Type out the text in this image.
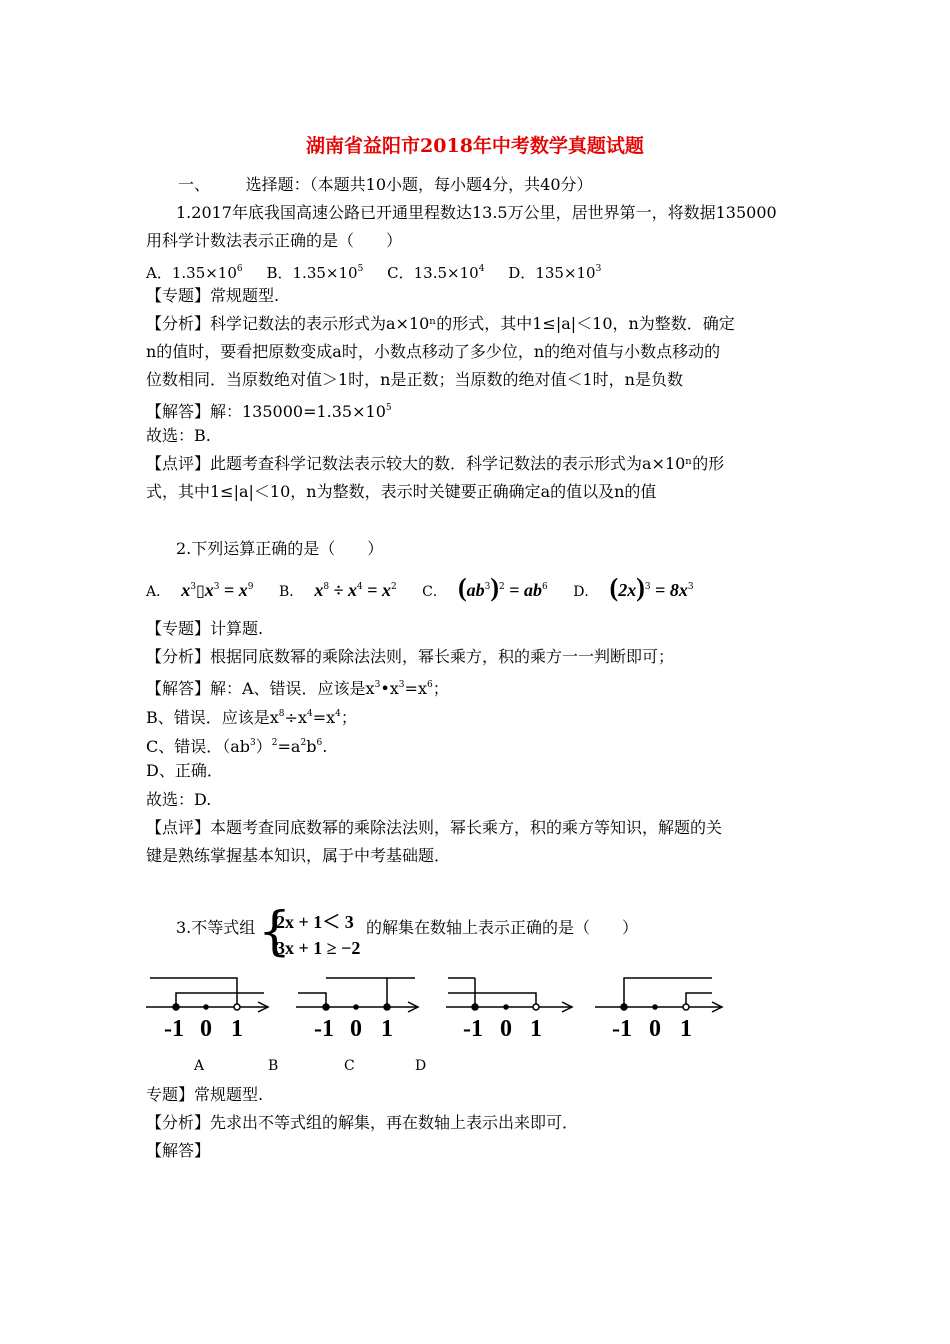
湖南省益阳市2018年中考数学真题试题
一、 选择题：（本题共10小题，每小题4分，共40分）
1.2017年底我国高速公路已开通里程数达13.5万公里，居世界第一，将数据135000
用科学计数法表示正确的是（　　）
A．$1.35\times 10^6$ B．$1.35\times 10^5$ C．$13.5\times 10^4$ D．$135\times 10^3$
【专题】常规题型.
【分析】科学记数法的表示形式为a×10ⁿ的形式，其中1≤|a|＜10，n为整数．确定
n的值时，要看把原数变成a时，小数点移动了多少位，n的绝对值与小数点移动的
位数相同．当原数绝对值＞1时，n是正数；当原数的绝对值＜1时，n是负数
【解答】解：$135000=1.35\times 10^5$
故选：B.
【点评】此题考查科学记数法表示较大的数．科学记数法的表示形式为a×10ⁿ的形
式，其中1≤|a|＜10，n为整数，表示时关键要正确确定a的值以及n的值
2.下列运算正确的是（　　）
A． $x^3▯x^3 = x^9$ B． $x^8 \div x^4 = x^2$ C． $(ab^3)^2 = ab^6$ D． $(2x)^3 = 8x^3$
【专题】计算题.
【分析】根据同底数幂的乘除法法则，幂长乘方，积的乘方一一判断即可；
【解答】解：A、错误．应该是$x^3•x^3=x^6$；
B、错误．应该是$x^8\div x^4=x^4$；
C、错误．$(ab^3)^2=a^2b^6$.
D、正确．
故选：D.
【点评】本题考查同底数幂的乘除法法则，幂长乘方，积的乘方等知识，解题的关
键是熟练掌握基本知识，属于中考基础题．
3.不等式组 {
2x + 1＜ 3
3x + 1 ≥ −2
的解集在数轴上表示正确的是（　　）
-1 0 1	-1 0 1	-1 0 1	-1 0 1
A	B	C	D
专题】常规题型.
【分析】先求出不等式组的解集，再在数轴上表示出来即可．
【解答】
